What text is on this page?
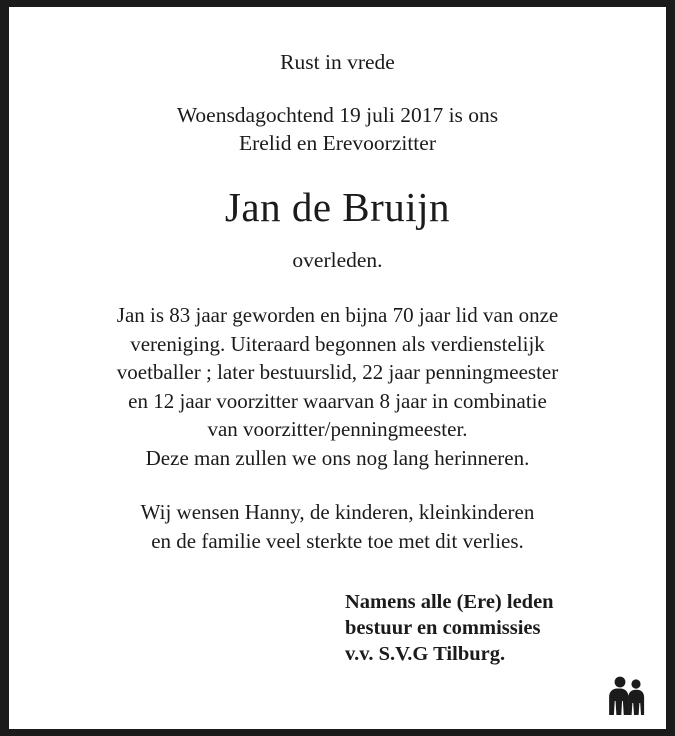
Rust in vrede
Woensdagochtend 19 juli 2017 is ons
Erelid en Erevoorzitter
Jan de Bruijn
overleden.
Jan is 83 jaar geworden en bijna 70 jaar lid van onze
vereniging. Uiteraard begonnen als verdienstelijk
voetballer ; later bestuurslid, 22 jaar penningmeester
en 12 jaar voorzitter waarvan 8 jaar in combinatie
van voorzitter/penningmeester.
Deze man zullen we ons nog lang herinneren.
Wij wensen Hanny, de kinderen, kleinkinderen
en de familie veel sterkte toe met dit verlies.
Namens alle (Ere) leden
bestuur en commissies
v.v. S.V.G Tilburg.
